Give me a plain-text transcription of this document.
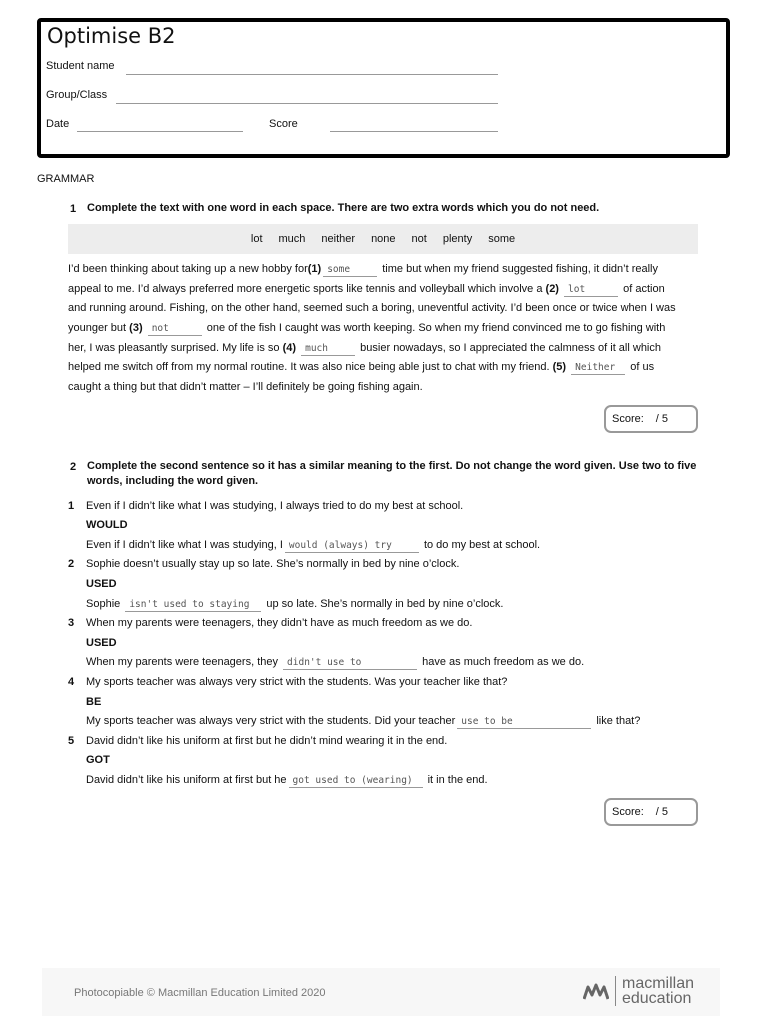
Optimise B2
Student name
Group/Class
Date	Score
GRAMMAR
1 Complete the text with one word in each space. There are two extra words which you do not need.
lot much neither none not plenty some
I’d been thinking about taking up a new hobby for(1) some	time but when my friend suggested fishing, it didn’t really
appeal to me. I’d always preferred more energetic sports like tennis and volleyball which involve a (2) lot	of action
and running around. Fishing, on the other hand, seemed such a boring, uneventful activity. I’d been once or twice when I was
younger but (3) not	one of the fish I caught was worth keeping. So when my friend convinced me to go fishing with
her, I was pleasantly surprised. My life is so (4) much	busier nowadays, so I appreciated the calmness of it all which
helped me switch off from my normal routine. It was also nice being able just to chat with my friend. (5) Neither of us
caught a thing but that didn’t matter – I’ll definitely be going fishing again.
Score: / 5
2 Complete the second sentence so it has a similar meaning to the first. Do not change the word given. Use two to five
words, including the word given.
1 Even if I didn’t like what I was studying, I always tried to do my best at school.
WOULD
Even if I didn’t like what I was studying, I would (always) try	to do my best at school.
2 Sophie doesn’t usually stay up so late. She’s normally in bed by nine o’clock.
USED
Sophie isn't used to staying up so late. She’s normally in bed by nine o’clock.
3 When my parents were teenagers, they didn’t have as much freedom as we do.
USED
When my parents were teenagers, they didn't use to	have as much freedom as we do.
4 My sports teacher was always very strict with the students. Was your teacher like that?
BE
My sports teacher was always very strict with the students. Did your teacher use to be	like that?
5 David didn’t like his uniform at first but he didn’t mind wearing it in the end.
GOT
David didn’t like his uniform at first but he got used to (wearing) it in the end.
Score: / 5
Photocopiable © Macmillan Education Limited 2020
macmillan
education
